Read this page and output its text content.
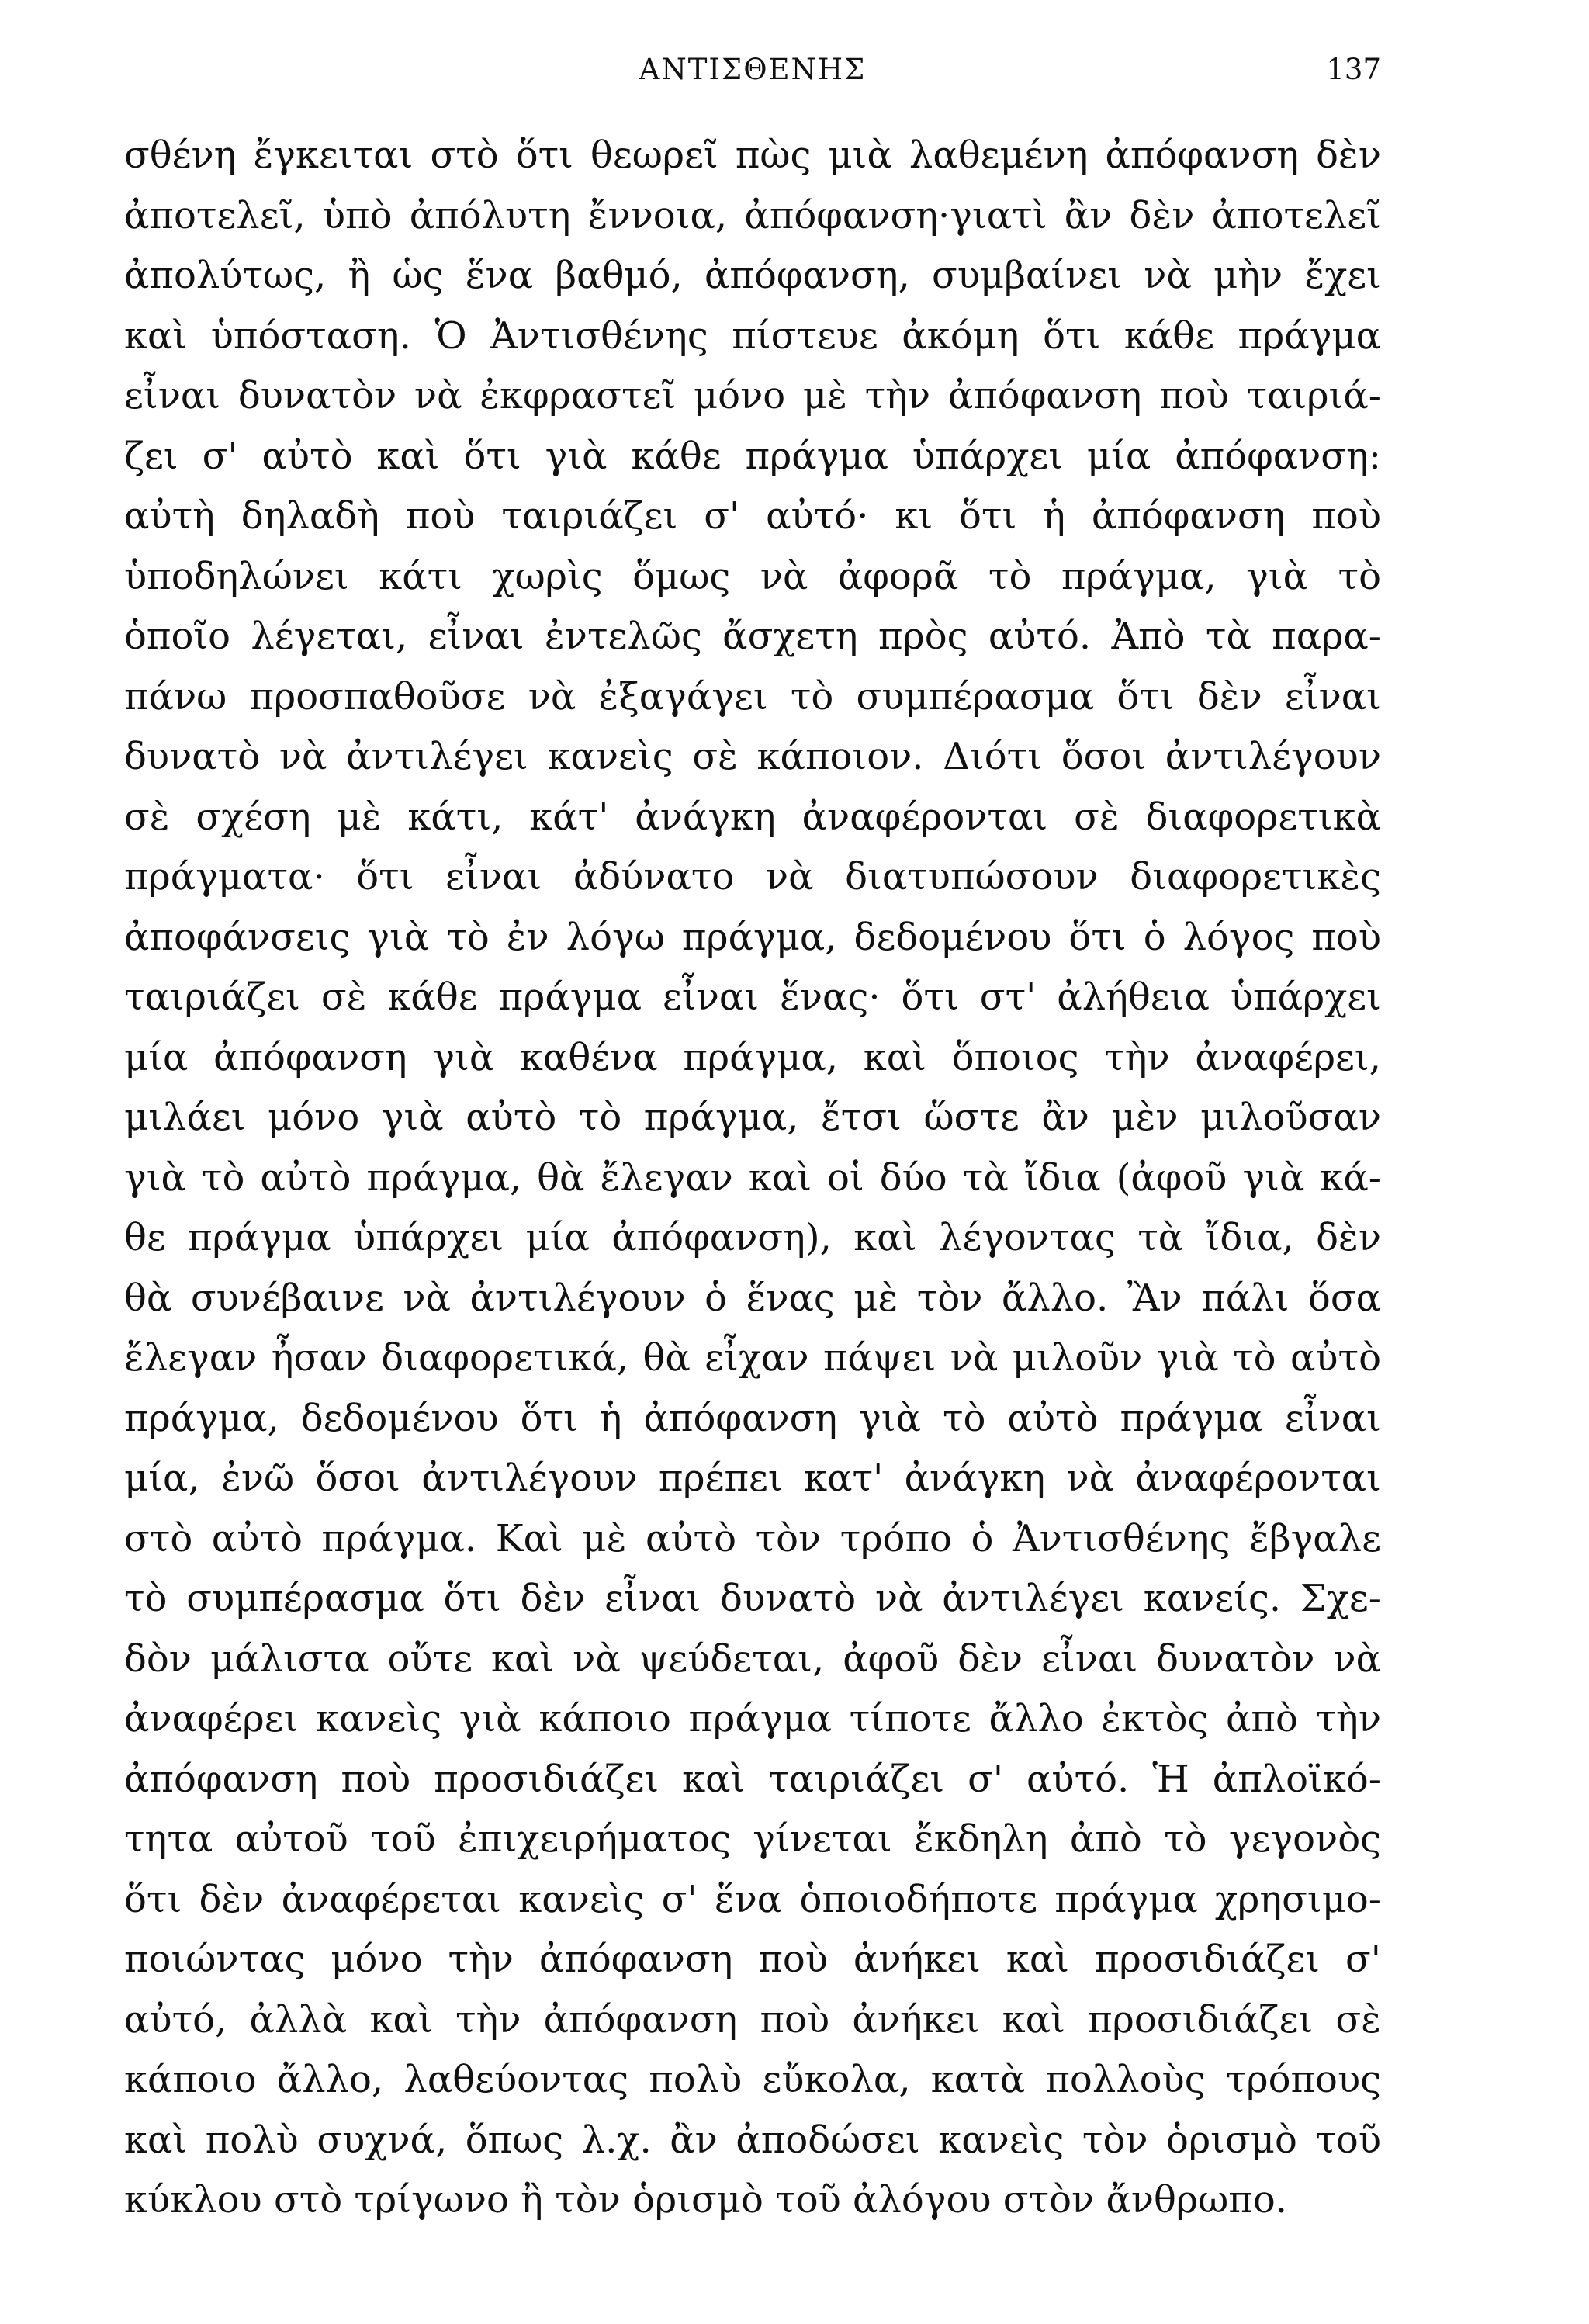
ΑΝΤΙΣΘΕΝΗΣ	137
σθένη ἔγκειται στὸ ὅτι θεωρεῖ πὼς μιὰ λαθεμένη ἀπόφανση δὲν
ἀποτελεῖ, ὑπὸ ἀπόλυτη ἔννοια, ἀπόφανση·γιατὶ ἂν δὲν ἀποτελεῖ
ἀπολύτως, ἢ ὡς ἕνα βαθμό, ἀπόφανση, συμβαίνει νὰ μὴν ἔχει
καὶ ὑπόσταση. Ὁ Ἀντισθένης πίστευε ἀκόμη ὅτι κάθε πράγμα
εἶναι δυνατὸν νὰ ἐκφραστεῖ μόνο μὲ τὴν ἀπόφανση ποὺ ταιριά-
ζει σ' αὐτὸ καὶ ὅτι γιὰ κάθε πράγμα ὑπάρχει μία ἀπόφανση:
αὐτὴ δηλαδὴ ποὺ ταιριάζει σ' αὐτό· κι ὅτι ἡ ἀπόφανση ποὺ
ὑποδηλώνει κάτι χωρὶς ὅμως νὰ ἀφορᾶ τὸ πράγμα, γιὰ τὸ
ὁποῖο λέγεται, εἶναι ἐντελῶς ἄσχετη πρὸς αὐτό. Ἀπὸ τὰ παρα-
πάνω προσπαθοῦσε νὰ ἐξαγάγει τὸ συμπέρασμα ὅτι δὲν εἶναι
δυνατὸ νὰ ἀντιλέγει κανεὶς σὲ κάποιον. Διότι ὅσοι ἀντιλέγουν
σὲ σχέση μὲ κάτι, κάτ' ἀνάγκη ἀναφέρονται σὲ διαφορετικὰ
πράγματα· ὅτι εἶναι ἀδύνατο νὰ διατυπώσουν διαφορετικὲς
ἀποφάνσεις γιὰ τὸ ἐν λόγω πράγμα, δεδομένου ὅτι ὁ λόγος ποὺ
ταιριάζει σὲ κάθε πράγμα εἶναι ἕνας· ὅτι στ' ἀλήθεια ὑπάρχει
μία ἀπόφανση γιὰ καθένα πράγμα, καὶ ὅποιος τὴν ἀναφέρει,
μιλάει μόνο γιὰ αὐτὸ τὸ πράγμα, ἔτσι ὥστε ἂν μὲν μιλοῦσαν
γιὰ τὸ αὐτὸ πράγμα, θὰ ἔλεγαν καὶ οἱ δύο τὰ ἴδια (ἀφοῦ γιὰ κά-
θε πράγμα ὑπάρχει μία ἀπόφανση), καὶ λέγοντας τὰ ἴδια, δὲν
θὰ συνέβαινε νὰ ἀντιλέγουν ὁ ἕνας μὲ τὸν ἄλλο. Ἂν πάλι ὅσα
ἔλεγαν ἦσαν διαφορετικά, θὰ εἶχαν πάψει νὰ μιλοῦν γιὰ τὸ αὐτὸ
πράγμα, δεδομένου ὅτι ἡ ἀπόφανση γιὰ τὸ αὐτὸ πράγμα εἶναι
μία, ἐνῶ ὅσοι ἀντιλέγουν πρέπει κατ' ἀνάγκη νὰ ἀναφέρονται
στὸ αὐτὸ πράγμα. Καὶ μὲ αὐτὸ τὸν τρόπο ὁ Ἀντισθένης ἔβγαλε
τὸ συμπέρασμα ὅτι δὲν εἶναι δυνατὸ νὰ ἀντιλέγει κανείς. Σχε-
δὸν μάλιστα οὔτε καὶ νὰ ψεύδεται, ἀφοῦ δὲν εἶναι δυνατὸν νὰ
ἀναφέρει κανεὶς γιὰ κάποιο πράγμα τίποτε ἄλλο ἐκτὸς ἀπὸ τὴν
ἀπόφανση ποὺ προσιδιάζει καὶ ταιριάζει σ' αὐτό. Ἡ ἀπλοϊκό-
τητα αὐτοῦ τοῦ ἐπιχειρήματος γίνεται ἔκδηλη ἀπὸ τὸ γεγονὸς
ὅτι δὲν ἀναφέρεται κανεὶς σ' ἕνα ὁποιοδήποτε πράγμα χρησιμο-
ποιώντας μόνο τὴν ἀπόφανση ποὺ ἀνήκει καὶ προσιδιάζει σ'
αὐτό, ἀλλὰ καὶ τὴν ἀπόφανση ποὺ ἀνήκει καὶ προσιδιάζει σὲ
κάποιο ἄλλο, λαθεύοντας πολὺ εὔκολα, κατὰ πολλοὺς τρόπους
καὶ πολὺ συχνά, ὅπως λ.χ. ἂν ἀποδώσει κανεὶς τὸν ὁρισμὸ τοῦ
κύκλου στὸ τρίγωνο ἢ τὸν ὁρισμὸ τοῦ ἀλόγου στὸν ἄνθρωπο.
